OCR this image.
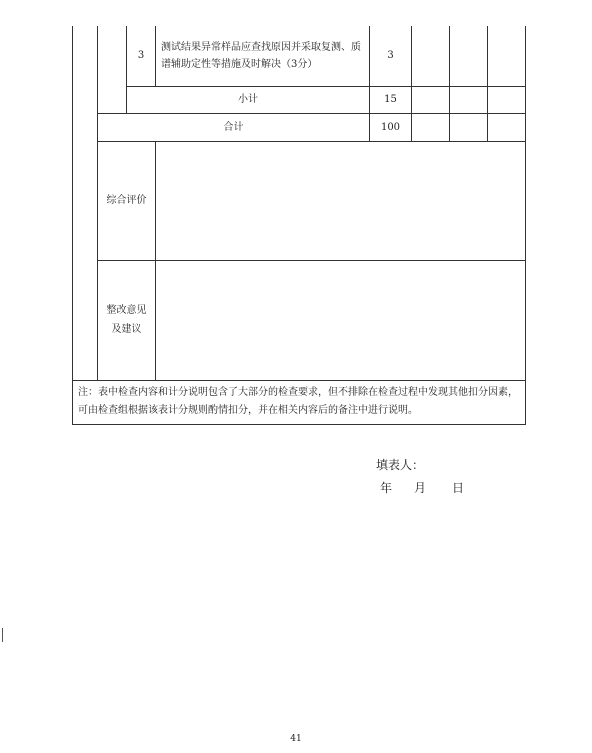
		3	测试结果异常样品应查找原因并采取复测、质谱辅助定性等措施及时解决（3分）	3			
		小计		15			
	合计			100			
	综合评价						

	整改意见及建议						

注：表中检查内容和计分说明包含了大部分的检查要求，但不排除在检查过程中发现其他扣分因素，可由检查组根据该表计分规则酌情扣分，并在相关内容后的备注中进行说明。							
填表人：
年 月 日
41
